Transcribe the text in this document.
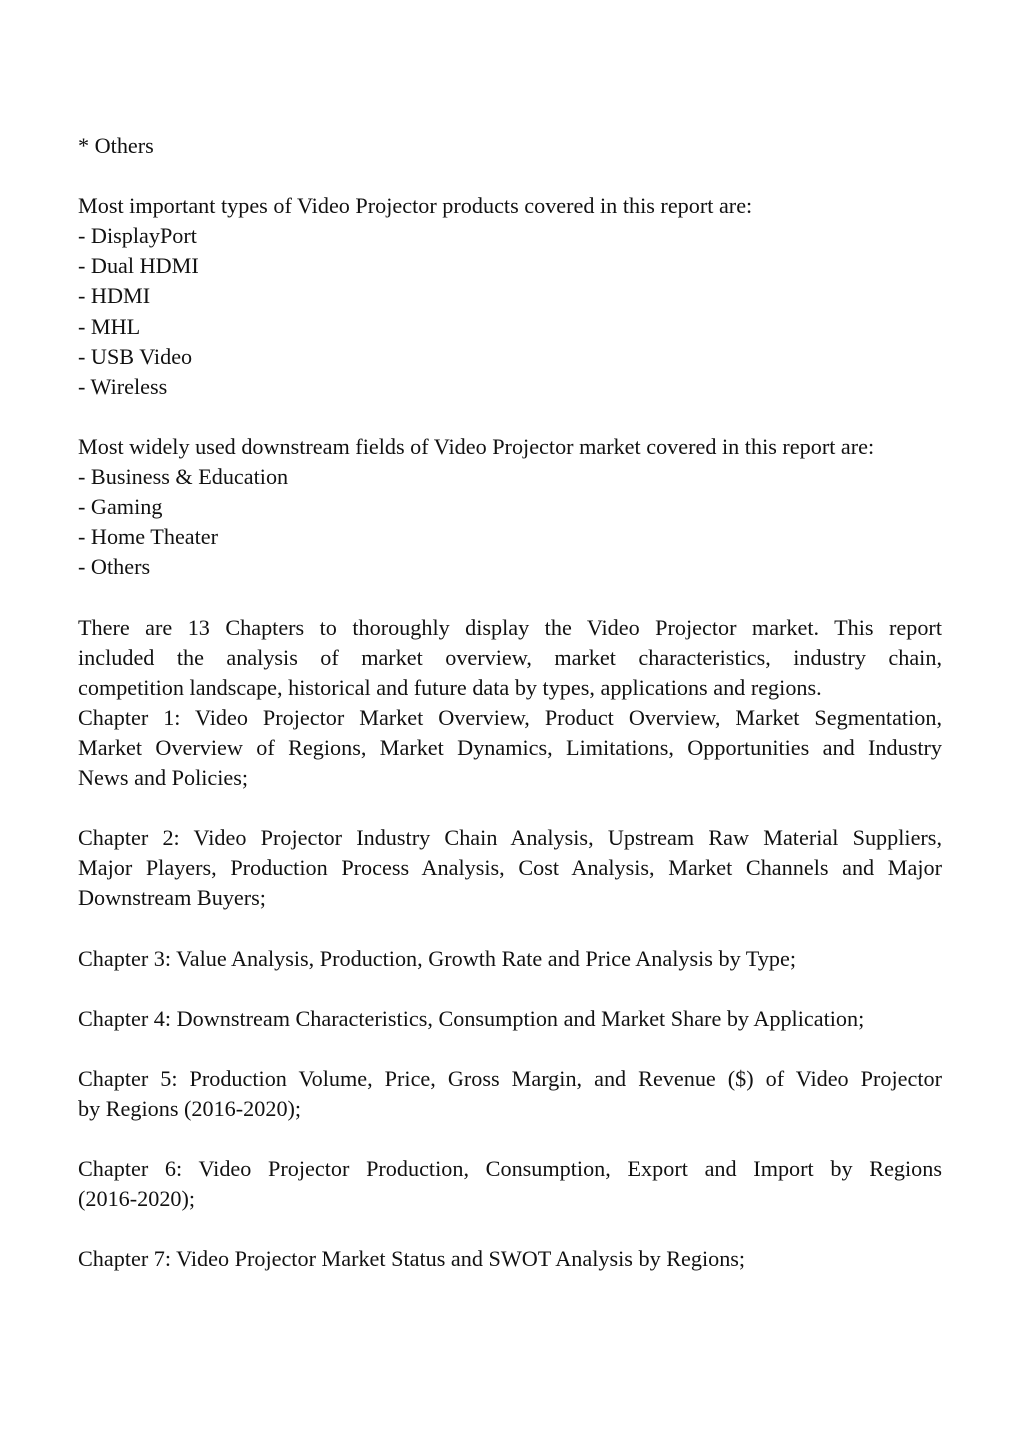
* Others
Most important types of Video Projector products covered in this report are:
- DisplayPort
- Dual HDMI
- HDMI
- MHL
- USB Video
- Wireless
Most widely used downstream fields of Video Projector market covered in this report are:
- Business & Education
- Gaming
- Home Theater
- Others
There are 13 Chapters to thoroughly display the Video Projector market. This report
included the analysis of market overview, market characteristics, industry chain,
competition landscape, historical and future data by types, applications and regions.
Chapter 1: Video Projector Market Overview, Product Overview, Market Segmentation,
Market Overview of Regions, Market Dynamics, Limitations, Opportunities and Industry
News and Policies;
Chapter 2: Video Projector Industry Chain Analysis, Upstream Raw Material Suppliers,
Major Players, Production Process Analysis, Cost Analysis, Market Channels and Major
Downstream Buyers;
Chapter 3: Value Analysis, Production, Growth Rate and Price Analysis by Type;
Chapter 4: Downstream Characteristics, Consumption and Market Share by Application;
Chapter 5: Production Volume, Price, Gross Margin, and Revenue ($) of Video Projector
by Regions (2016-2020);
Chapter 6: Video Projector Production, Consumption, Export and Import by Regions
(2016-2020);
Chapter 7: Video Projector Market Status and SWOT Analysis by Regions;
